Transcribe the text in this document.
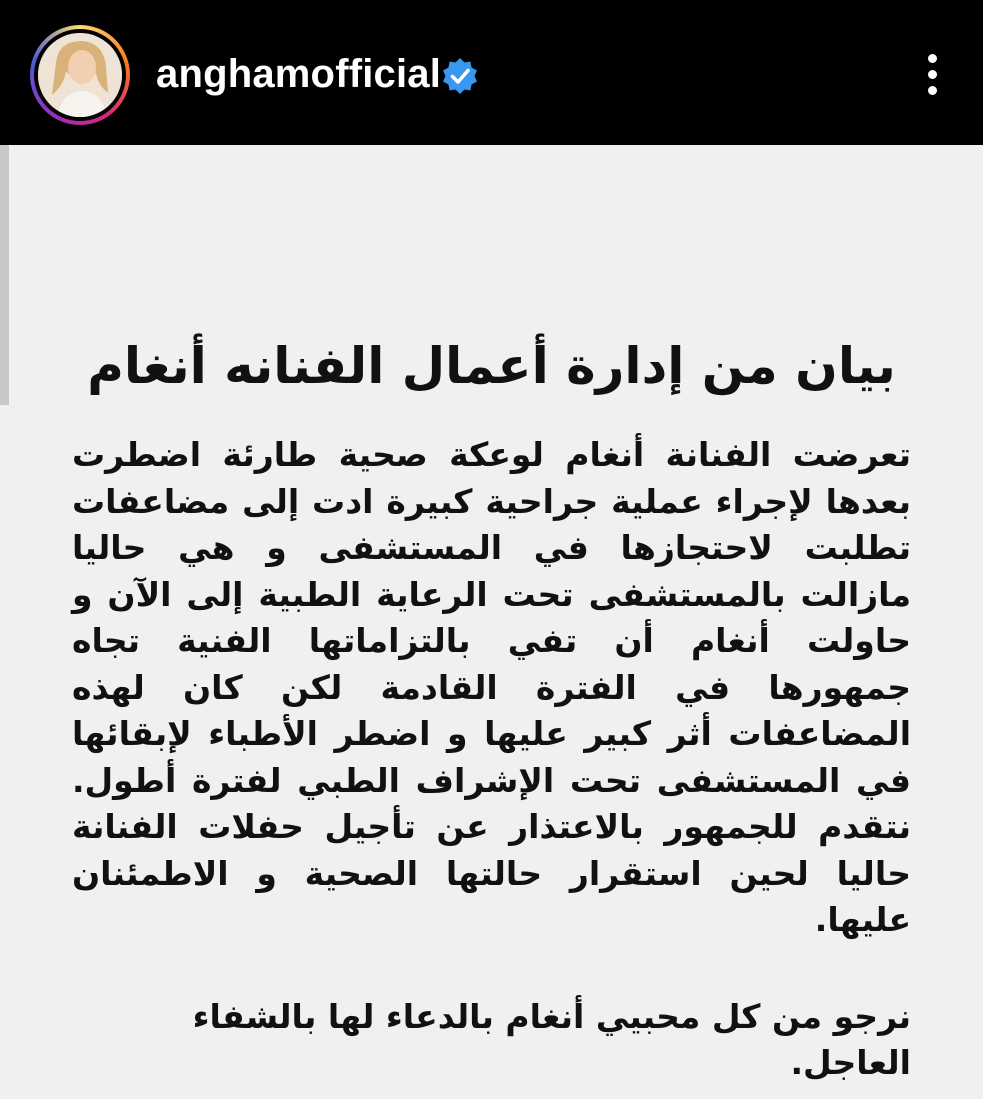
anghamofficial
بيان من إدارة أعمال الفنانه أنغام

تعرضت الفنانة أنغام لوعكة صحية طارئة اضطرت بعدها لإجراء عملية جراحية كبيرة ادت إلى مضاعفات تطلبت لاحتجازها في المستشفى و هي حاليا مازالت بالمستشفى تحت الرعاية الطبية إلى الآن و حاولت أنغام أن تفي بالتزاماتها الفنية تجاه جمهورها في الفترة القادمة لكن كان لهذه المضاعفات أثر كبير عليها و اضطر الأطباء لإبقائها في المستشفى تحت الإشراف الطبي لفترة أطول. نتقدم للجمهور بالاعتذار عن تأجيل حفلات الفنانة حاليا لحين استقرار حالتها الصحية و الاطمئنان عليها.

نرجو من كل محبيي أنغام بالدعاء لها بالشفاء العاجل.
